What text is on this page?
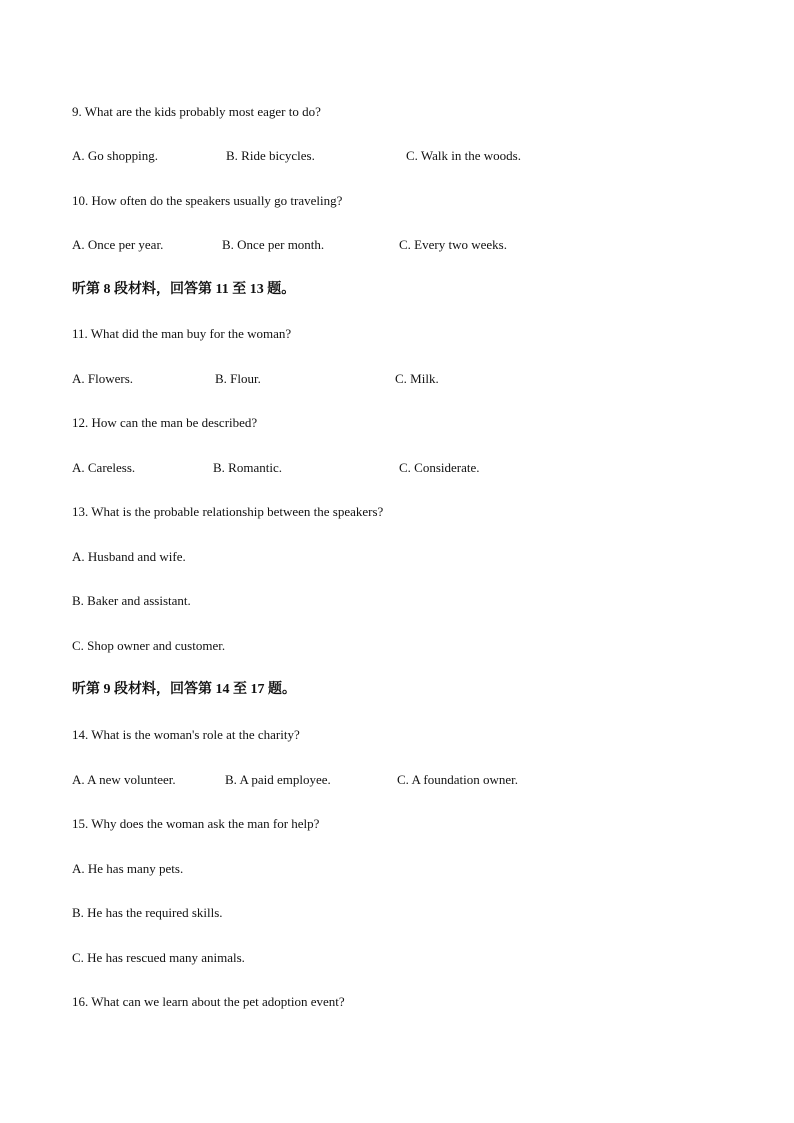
9. What are the kids probably most eager to do?
A. Go shopping.	B. Ride bicycles.	C. Walk in the woods.
10. How often do the speakers usually go traveling?
A. Once per year.	B. Once per month.	C. Every two weeks.
听第 8 段材料，回答第 11 至 13 题。
11. What did the man buy for the woman?
A. Flowers.	B. Flour.	C. Milk.
12. How can the man be described?
A. Careless.	B. Romantic.	C. Considerate.
13. What is the probable relationship between the speakers?
A. Husband and wife.
B. Baker and assistant.
C. Shop owner and customer.
听第 9 段材料，回答第 14 至 17 题。
14. What is the woman's role at the charity?
A. A new volunteer.	B. A paid employee.	C. A foundation owner.
15. Why does the woman ask the man for help?
A. He has many pets.
B. He has the required skills.
C. He has rescued many animals.
16. What can we learn about the pet adoption event?
